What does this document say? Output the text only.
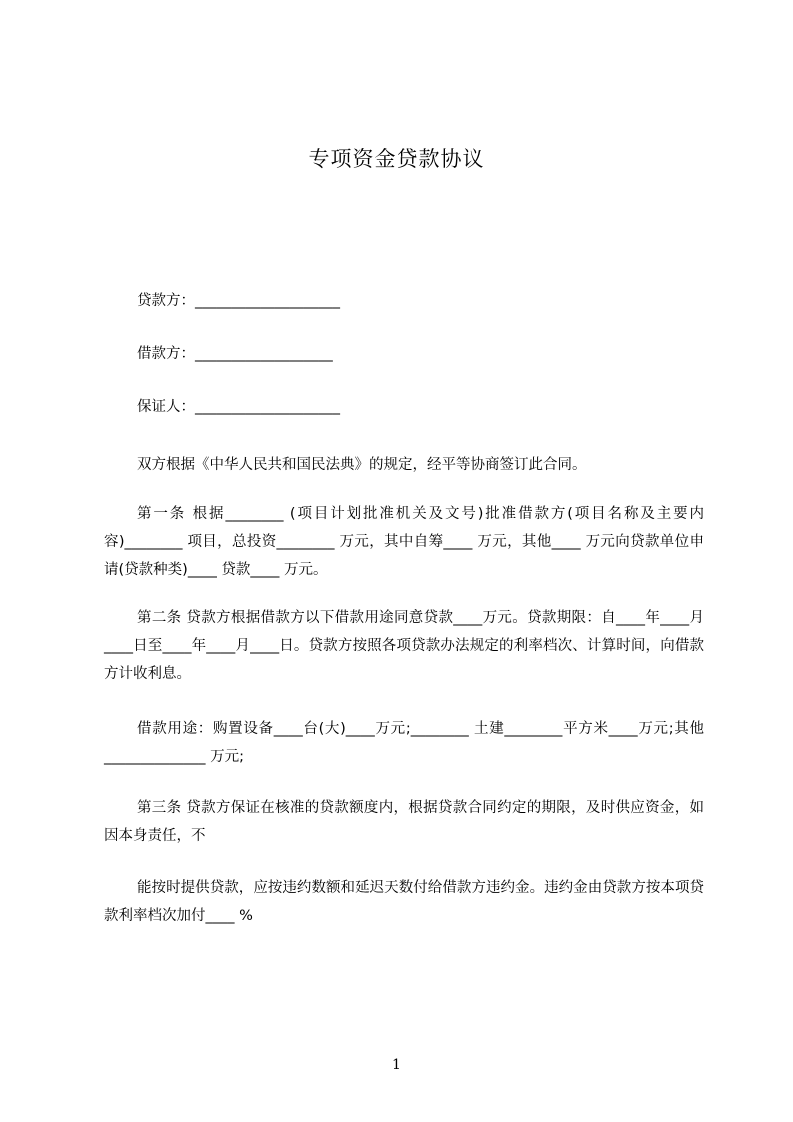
专项资金贷款协议
贷款方：____________________
借款方：___________________
保证人：____________________
双方根据《中华人民共和国民法典》的规定，经平等协商签订此合同。
第一条 根据________ (项目计划批准机关及文号)批准借款方(项目名称及主要内容)________ 项目，总投资________ 万元，其中自筹____ 万元，其他____ 万元向贷款单位申请(贷款种类)____ 贷款____ 万元。
第二条 贷款方根据借款方以下借款用途同意贷款____万元。贷款期限：自____年____月____日至____年____月____日。贷款方按照各项贷款办法规定的利率档次、计算时间，向借款方计收利息。
借款用途：购置设备____台(大)____万元;________ 土建________平方米____万元;其他______________ 万元;
第三条 贷款方保证在核准的贷款额度内，根据贷款合同约定的期限，及时供应资金，如因本身责任，不
能按时提供贷款，应按违约数额和延迟天数付给借款方违约金。违约金由贷款方按本项贷款利率档次加付____ %
1
